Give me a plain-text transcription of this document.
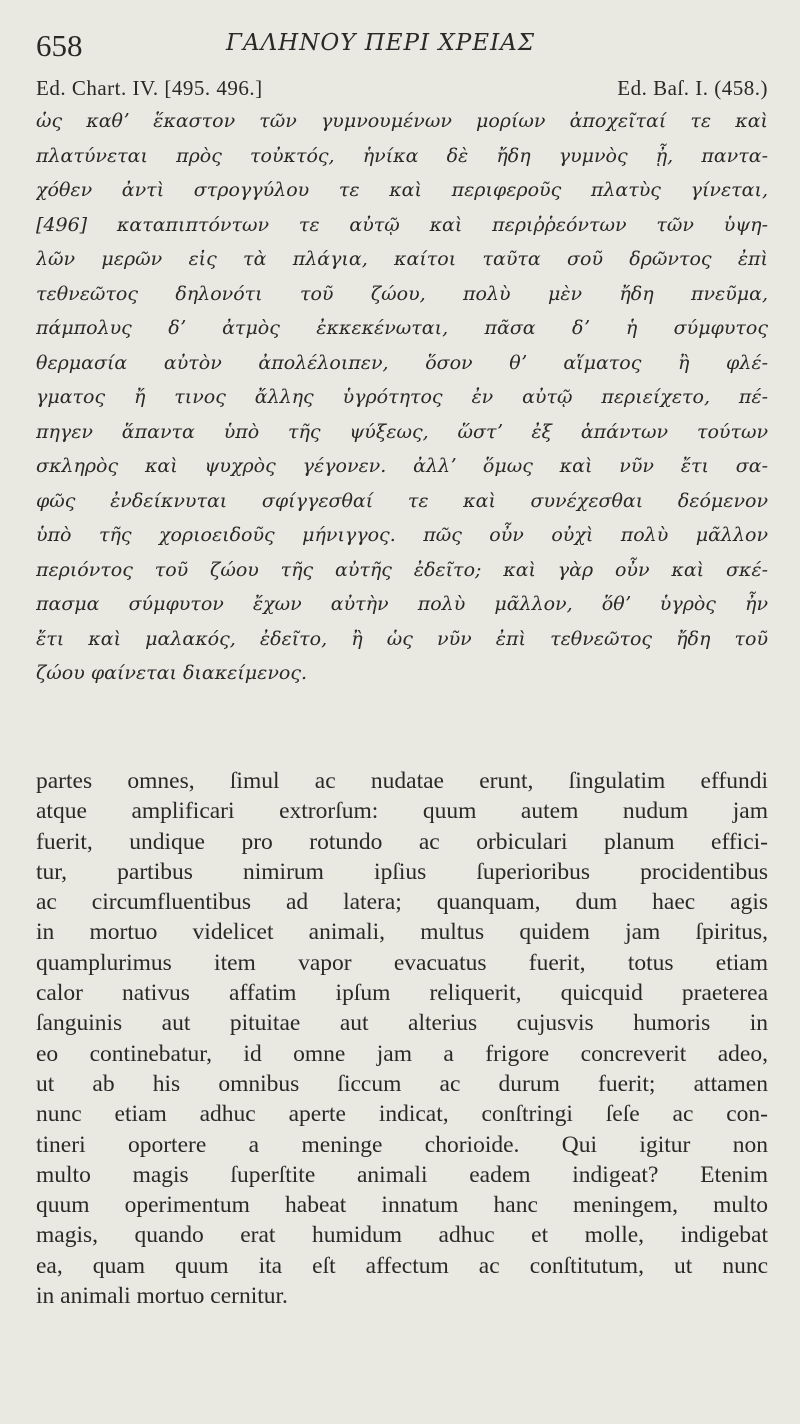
658	ΓΑΛΗΝΟΥ ΠΕΡΙ ΧΡΕΙΑΣ
Ed. Chart. IV. [495. 496.]	Ed. Baſ. I. (458.)
ὡς καθʼ ἕκαστον τῶν γυμνουμένων μορίων ἀποχεῖταί τε καὶ
πλατύνεται πρὸς τοὐκτός, ἡνίκα δὲ ἤδη γυμνὸς ᾖ, παντα-
χόθεν ἀντὶ στρογγύλου τε καὶ περιφεροῦς πλατὺς γίνεται,
[496] καταπιπτόντων τε αὐτῷ καὶ περιῤῥεόντων τῶν ὑψη-
λῶν μερῶν εἰς τὰ πλάγια, καίτοι ταῦτα σοῦ δρῶντος ἐπὶ
τεθνεῶτος δηλονότι τοῦ ζώου, πολὺ μὲν ἤδη πνεῦμα,
πάμπολυς δʼ ἀτμὸς ἐκκεκένωται, πᾶσα δʼ ἡ σύμφυτος
θερμασία αὐτὸν ἀπολέλοιπεν, ὅσον θʼ αἵματος ἢ φλέ-
γματος ἤ τινος ἄλλης ὑγρότητος ἐν αὐτῷ περιείχετο, πέ-
πηγεν ἅπαντα ὑπὸ τῆς ψύξεως, ὥστʼ ἐξ ἁπάντων τούτων
σκληρὸς καὶ ψυχρὸς γέγονεν. ἀλλʼ ὅμως καὶ νῦν ἔτι σα-
φῶς ἐνδείκνυται σφίγγεσθαί τε καὶ συνέχεσθαι δεόμενον
ὑπὸ τῆς χοριοειδοῦς μήνιγγος. πῶς οὖν οὐχὶ πολὺ μᾶλλον
περιόντος τοῦ ζώου τῆς αὐτῆς ἐδεῖτο; καὶ γὰρ οὖν καὶ σκέ-
πασμα σύμφυτον ἔχων αὐτὴν πολὺ μᾶλλον, ὅθʼ ὑγρὸς ἦν
ἔτι καὶ μαλακός, ἐδεῖτο, ἢ ὡς νῦν ἐπὶ τεθνεῶτος ἤδη τοῦ
ζώου φαίνεται διακείμενος.
partes omnes, ſimul ac nudatae erunt, ſingulatim effundi
atque amplificari extrorſum: quum autem nudum jam
fuerit, undique pro rotundo ac orbiculari planum effici-
tur, partibus nimirum ipſius ſuperioribus procidentibus
ac circumfluentibus ad latera; quanquam, dum haec agis
in mortuo videlicet animali, multus quidem jam ſpiritus,
quamplurimus item vapor evacuatus fuerit, totus etiam
calor nativus affatim ipſum reliquerit, quicquid praeterea
ſanguinis aut pituitae aut alterius cujusvis humoris in
eo continebatur, id omne jam a frigore concreverit adeo,
ut ab his omnibus ſiccum ac durum fuerit; attamen
nunc etiam adhuc aperte indicat, conſtringi ſeſe ac con-
tineri oportere a meninge chorioide. Qui igitur non
multo magis ſuperſtite animali eadem indigeat? Etenim
quum operimentum habeat innatum hanc meningem, multo
magis, quando erat humidum adhuc et molle, indigebat
ea, quam quum ita eſt affectum ac conſtitutum, ut nunc
in animali mortuo cernitur.
